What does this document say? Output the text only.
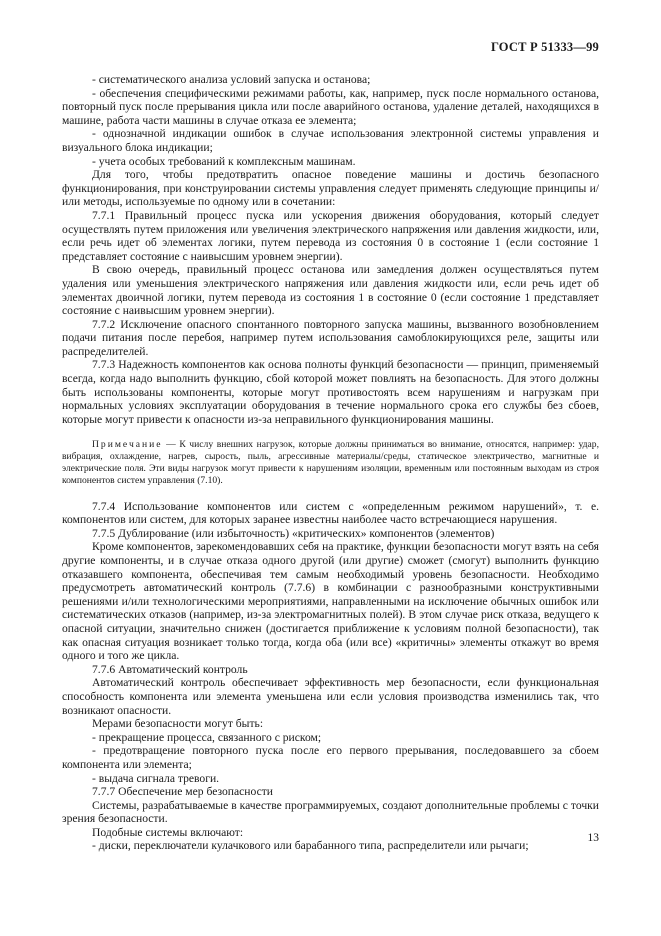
ГОСТ Р 51333—99

- систематического анализа условий запуска и останова;

- обеспечения специфическими режимами работы, как, например, пуск после нормального останова, повторный пуск после прерывания цикла или после аварийного останова, удаление деталей, находящихся в машине, работа части машины в случае отказа ее элемента;

- однозначной индикации ошибок в случае использования электронной системы управления и визуального блока индикации;

- учета особых требований к комплексным машинам.

Для того, чтобы предотвратить опасное поведение машины и достичь безопасного функционирования, при конструировании системы управления следует применять следующие принципы и/или методы, используемые по одному или в сочетании:

7.7.1 Правильный процесс пуска или ускорения движения оборудования, который следует осуществлять путем приложения или увеличения электрического напряжения или давления жидкости, или, если речь идет об элементах логики, путем перевода из состояния 0 в состояние 1 (если состояние 1 представляет состояние с наивысшим уровнем энергии).

В свою очередь, правильный процесс останова или замедления должен осуществляться путем удаления или уменьшения электрического напряжения или давления жидкости или, если речь идет об элементах двоичной логики, путем перевода из состояния 1 в состояние 0 (если состояние 1 представляет состояние с наивысшим уровнем энергии).

7.7.2 Исключение опасного спонтанного повторного запуска машины, вызванного возобновлением подачи питания после перебоя, например путем использования самоблокирующихся реле, защиты или распределителей.

7.7.3 Надежность компонентов как основа полноты функций безопасности — принцип, применяемый всегда, когда надо выполнить функцию, сбой которой может повлиять на безопасность. Для этого должны быть использованы компоненты, которые могут противостоять всем нарушениям и нагрузкам при нормальных условиях эксплуатации оборудования в течение нормального срока его службы без сбоев, которые могут привести к опасности из-за неправильного функционирования машины.

Примечание — К числу внешних нагрузок, которые должны приниматься во внимание, относятся, например: удар, вибрация, охлаждение, нагрев, сырость, пыль, агрессивные материалы/среды, статическое электричество, магнитные и электрические поля. Эти виды нагрузок могут привести к нарушениям изоляции, временным или постоянным выходам из строя компонентов систем управления (7.10).

7.7.4 Использование компонентов или систем с «определенным режимом нарушений», т. е. компонентов или систем, для которых заранее известны наиболее часто встречающиеся нарушения.

7.7.5 Дублирование (или избыточность) «критических» компонентов (элементов)

Кроме компонентов, зарекомендовавших себя на практике, функции безопасности могут взять на себя другие компоненты, и в случае отказа одного другой (или другие) сможет (смогут) выполнить функцию отказавшего компонента, обеспечивая тем самым необходимый уровень безопасности. Необходимо предусмотреть автоматический контроль (7.7.6) в комбинации с разнообразными конструктивными решениями и/или технологическими мероприятиями, направленными на исключение обычных ошибок или систематических отказов (например, из-за электромагнитных полей). В этом случае риск отказа, ведущего к опасной ситуации, значительно снижен (достигается приближение к условиям полной безопасности), так как опасная ситуация возникает только тогда, когда оба (или все) «критичны» элементы откажут во время одного и того же цикла.

7.7.6 Автоматический контроль

Автоматический контроль обеспечивает эффективность мер безопасности, если функциональная способность компонента или элемента уменьшена или если условия производства изменились так, что возникают опасности.

Мерами безопасности могут быть:

- прекращение процесса, связанного с риском;

- предотвращение повторного пуска после его первого прерывания, последовавшего за сбоем компонента или элемента;

- выдача сигнала тревоги.

7.7.7 Обеспечение мер безопасности

Системы, разрабатываемые в качестве программируемых, создают дополнительные проблемы с точки зрения безопасности.

Подобные системы включают:

- диски, переключатели кулачкового или барабанного типа, распределители или рычаги;

13
